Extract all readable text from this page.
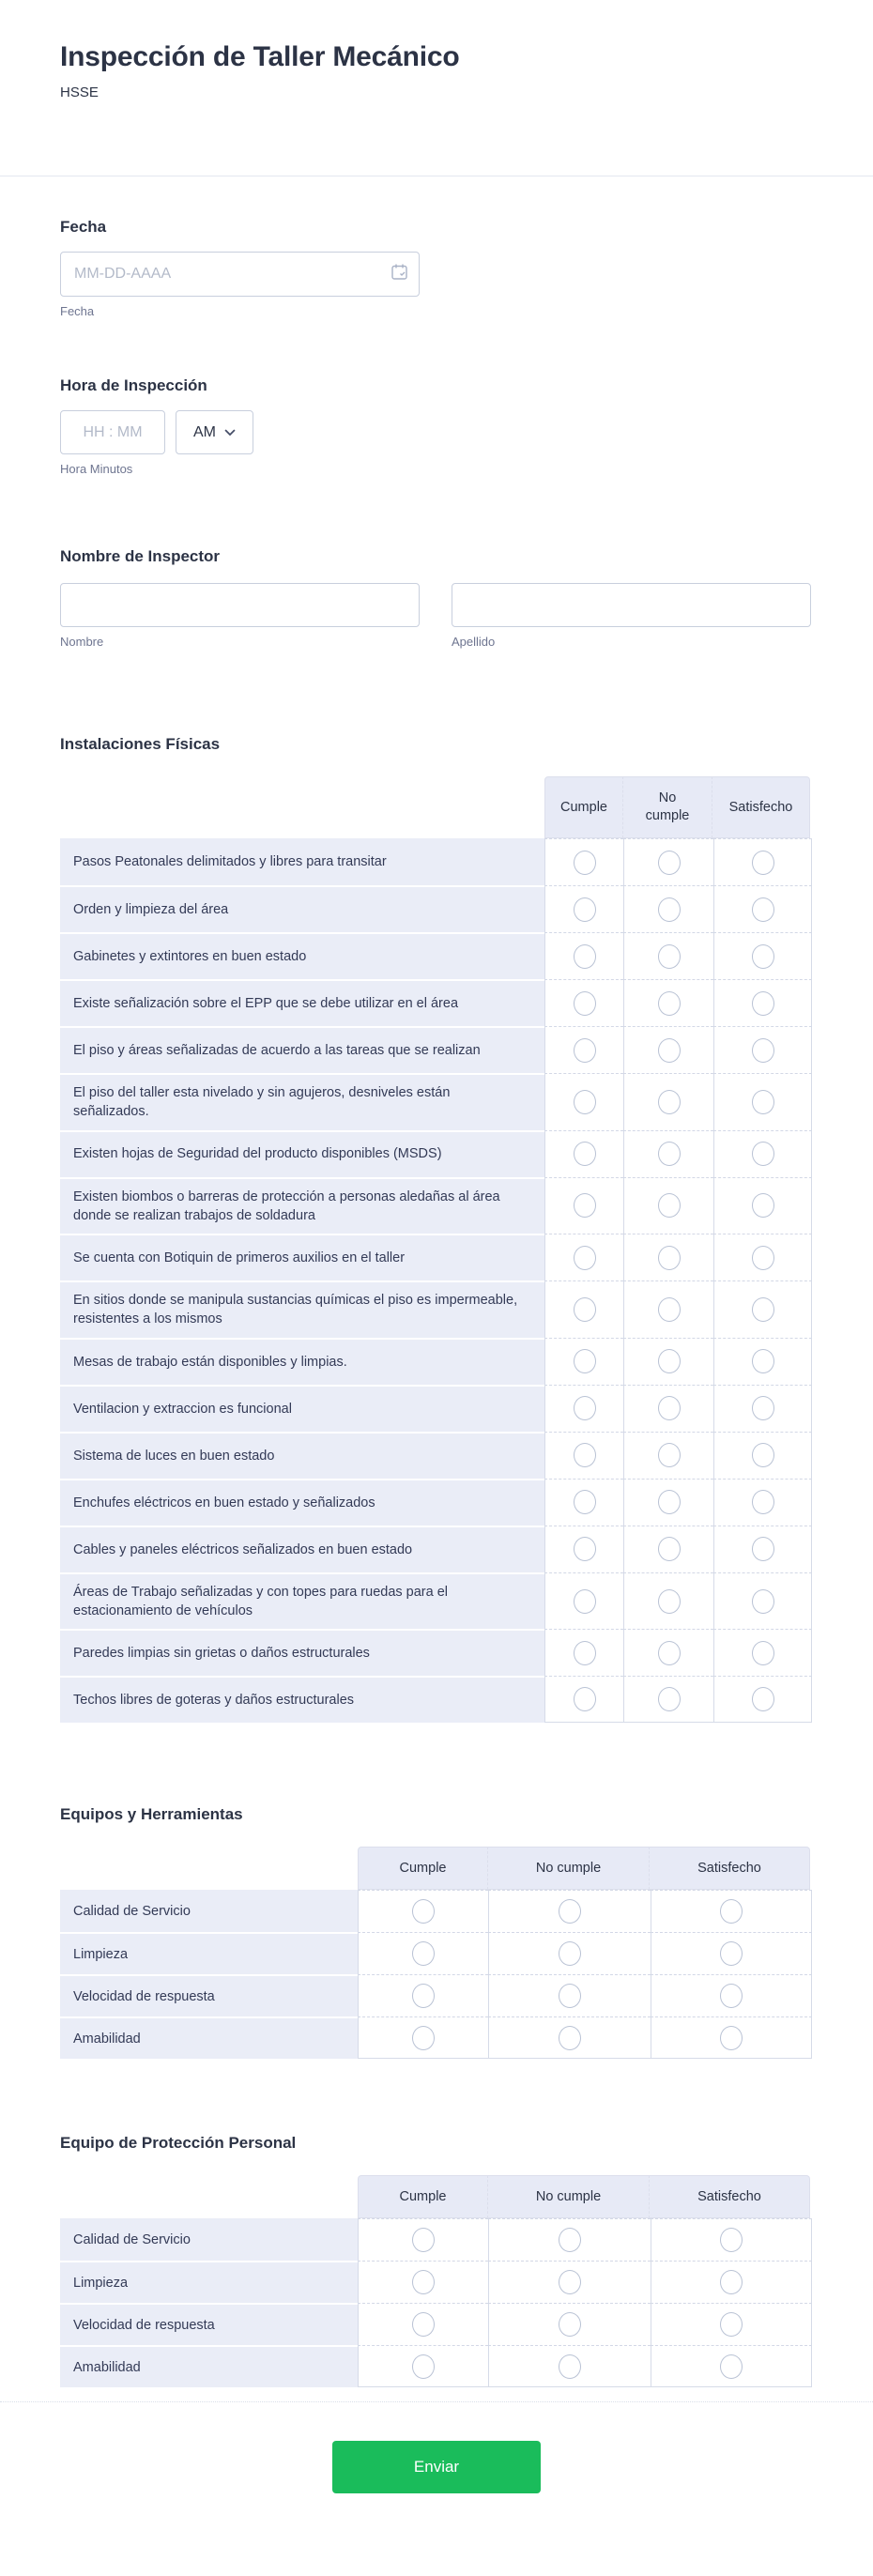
Inspección de Taller Mecánico
HSSE
Fecha
MM-DD-AAAA
Fecha
Hora de Inspección
HH : MM
AM
Hora Minutos
Nombre de Inspector
Nombre	Apellido
Instalaciones Físicas
Cumple
No cumple
Satisfecho
Pasos Peatonales delimitados y libres para transitar
Orden y limpieza del área
Gabinetes y extintores en buen estado
Existe señalización sobre el EPP que se debe utilizar en el área
El piso y áreas señalizadas de acuerdo a las tareas que se realizan
El piso del taller esta nivelado y sin agujeros, desniveles están señalizados.
Existen hojas de Seguridad del producto disponibles (MSDS)
Existen biombos o barreras de protección a personas aledañas al área donde se realizan trabajos de soldadura
Se cuenta con Botiquin de primeros auxilios en el taller
En sitios donde se manipula sustancias químicas el piso es impermeable, resistentes a los mismos
Mesas de trabajo están disponibles y limpias.
Ventilacion y extraccion es funcional
Sistema de luces en buen estado
Enchufes eléctricos en buen estado y señalizados
Cables y paneles eléctricos señalizados en buen estado
Áreas de Trabajo señalizadas y con topes para ruedas para el estacionamiento de vehículos
Paredes limpias sin grietas o daños estructurales
Techos libres de goteras y daños estructurales
Equipos y Herramientas
Cumple	No cumple	Satisfecho
Calidad de Servicio
Limpieza
Velocidad de respuesta
Amabilidad
Equipo de Protección Personal
Cumple	No cumple	Satisfecho
Calidad de Servicio
Limpieza
Velocidad de respuesta
Amabilidad
Enviar
